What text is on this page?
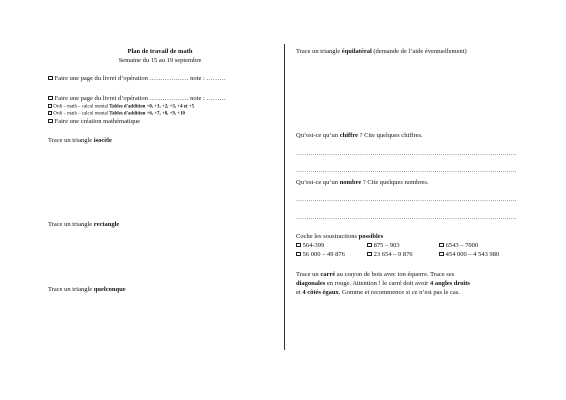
Plan de travail de math
Semaine du 15 au 19 septembre
Faire une page du livret d’opération ……………… note : ………
Faire une page du livret d’opération ……………… note : ………
Ordi – math – calcul mental Tables d'addition +0, +1, +2, +3, +4 et +5
Ordi – math – calcul mental Tables d'addition +6, +7, +8, +9, +10
Faire une création mathématique
Trace un triangle isocèle
Trace un triangle rectangle
Trace un triangle quelconque
Trace un triangle équilatéral (demande de l’aide éventuellement)
Qu’est-ce qu’un chiffre ? Cite quelques chiffres.
……………………………………………………………………………………………..
……………………………………………………………………………………………..
Qu’est-ce qu’un nombre ? Cite quelques nombres.
……………………………………………………………………………………………..
……………………………………………………………………………………………..
Coche les soustractions possibles
564-399	875 – 903	6543 – 7000
56 000 – 49 876	23 654 – 9 876	454 000 – 4 543 980
Trace un carré au crayon de bois avec ton équerre. Trace ses
diagonales en rouge. Attention ! le carré doit avoir 4 angles droits
et 4 côtés égaux. Gomme et recommence si ce n’est pas le cas.
